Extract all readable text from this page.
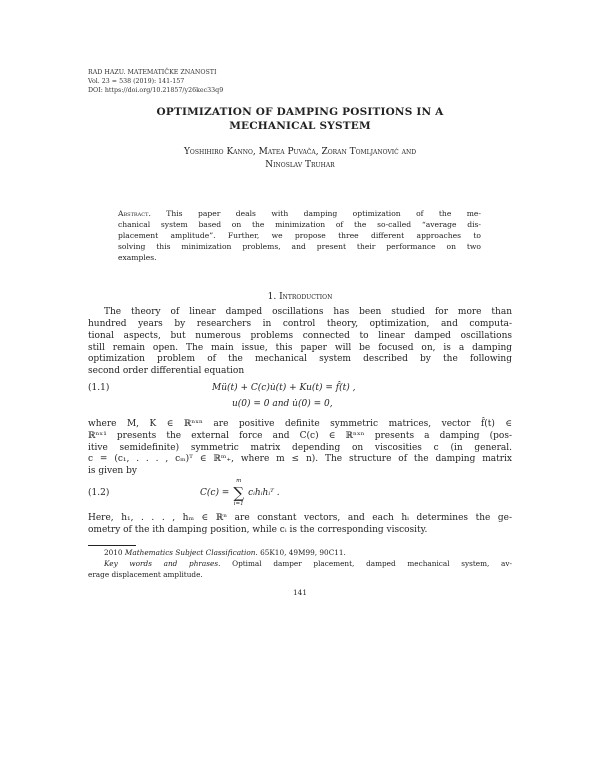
RAD HAZU. MATEMATIČKE ZNANOSTI
Vol. 23 = 538 (2019): 141-157
DOI: https://doi.org/10.21857/y26kec33q9
OPTIMIZATION OF DAMPING POSITIONS IN A
MECHANICAL SYSTEM
Yoshihiro Kanno, Matea Puvača, Zoran Tomljanović and
Ninoslav Truhar
Abstract. This paper deals with damping optimization of the me-
chanical system based on the minimization of the so-called “average dis-
placement amplitude”. Further, we propose three different approaches to
solving this minimization problems, and present their performance on two
examples.
1. Introduction
The theory of linear damped oscillations has been studied for more than
hundred years by researchers in control theory, optimization, and computa-
tional aspects, but numerous problems connected to linear damped oscillations
still remain open. The main issue, this paper will be focused on, is a damping
optimization problem of the mechanical system described by the following
second order differential equation
(1.1)	Mü(t) + C(c)u̇(t) + Ku(t) = f̂(t) ,
u(0) = 0 and u̇(0) = 0,
where M, K ∈ ℝⁿˣⁿ are positive definite symmetric matrices, vector f̂(t) ∈
ℝⁿˣ¹ presents the external force and C(c) ∈ ℝⁿˣⁿ presents a damping (pos-
itive semidefinite) symmetric matrix depending on viscosities c (in general.
c = (c₁, . . . , cₘ)ᵀ ∈ ℝᵐ₊, where m ≤ n). The structure of the damping matrix
is given by
(1.2)	C(c) =
m
∑
i=1
cᵢhᵢhᵢᵀ .
Here, h₁, . . . , hₘ ∈ ℝⁿ are constant vectors, and each hᵢ determines the ge-
ometry of the ith damping position, while cᵢ is the corresponding viscosity.
2010 Mathematics Subject Classification. 65K10, 49M99, 90C11.
Key words and phrases. Optimal damper placement, damped mechanical system, av-
erage displacement amplitude.
141
